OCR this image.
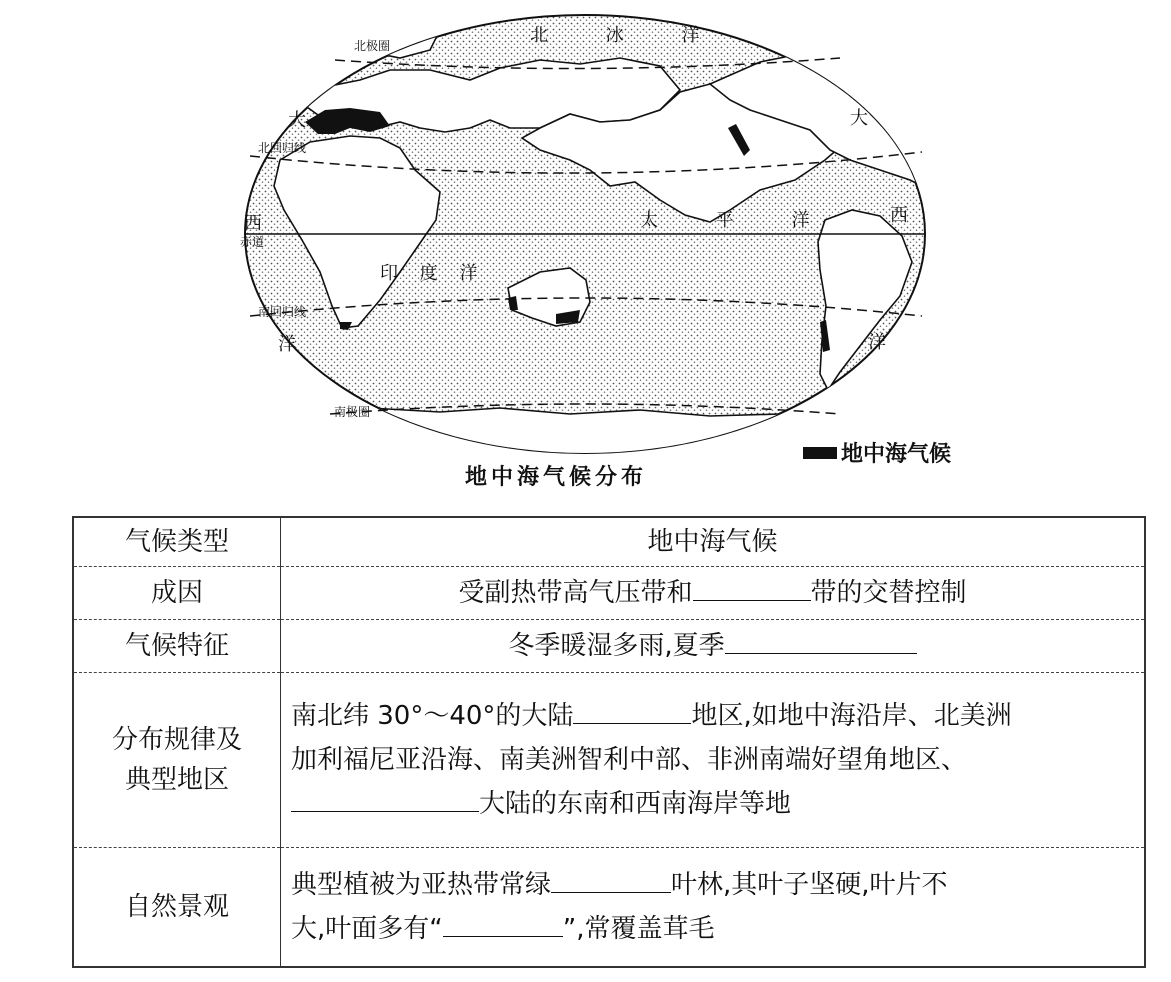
北 冰 洋
太 平 洋
印 度 洋
大
西
洋
大
西
洋
北极圈
北回归线
赤道
南回归线
南极圈
地中海气候
地中海气候分布
气候类型	地中海气候
成因	受副热带高气压带和 带的交替控制
气候特征	冬季暖湿多雨,夏季
分布规律及
典型地区	南北纬 30°～40°的大陆 地区,如地中海沿岸、北美洲
加利福尼亚沿海、南美洲智利中部、非洲南端好望角地区、
大陆的东南和西南海岸等地
自然景观	典型植被为亚热带常绿 叶林,其叶子坚硬,叶片不
大,叶面多有“ ”,常覆盖茸毛
